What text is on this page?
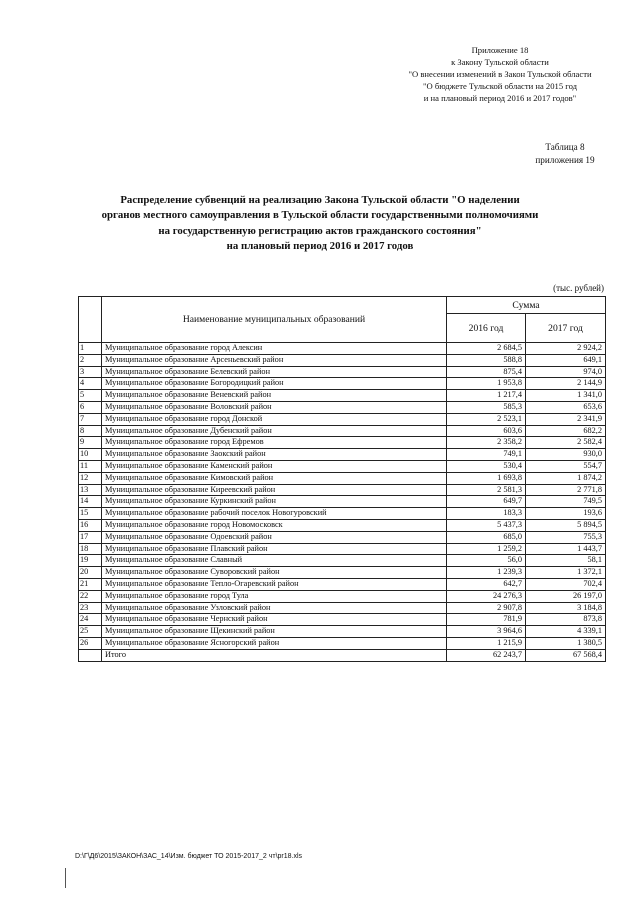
Приложение 18
к Закону Тульской области
"О внесении изменений в Закон Тульской области
"О бюджете Тульской области на 2015 год
и на плановый период 2016 и 2017 годов"
Таблица 8
приложения 19
Распределение субвенций на реализацию Закона Тульской области "О наделении
органов местного самоуправления в Тульской области государственными полномочиями
на государственную регистрацию актов гражданского состояния"
на плановый период 2016 и 2017 годов
(тыс. рублей)
	Наименование муниципальных образований	Сумма	
		2016 год	2017 год
1	Муниципальное образование город Алексин	2 684,5	2 924,2
2	Муниципальное образование Арсеньевский район	588,8	649,1
3	Муниципальное образование Белевский район	875,4	974,0
4	Муниципальное образование Богородицкий район	1 953,8	2 144,9
5	Муниципальное образование Веневский район	1 217,4	1 341,0
6	Муниципальное образование Воловский район	585,3	653,6
7	Муниципальное образование город Донской	2 523,1	2 341,9
8	Муниципальное образование Дубенский район	603,6	682,2
9	Муниципальное образование город Ефремов	2 358,2	2 582,4
10	Муниципальное образование Заокский район	749,1	930,0
11	Муниципальное образование Каменский район	530,4	554,7
12	Муниципальное образование Кимовский район	1 693,8	1 874,2
13	Муниципальное образование Киреевский район	2 581,3	2 771,8
14	Муниципальное образование Куркинский район	649,7	749,5
15	Муниципальное образование рабочий поселок Новогуровский	183,3	193,6
16	Муниципальное образование город Новомосковск	5 437,3	5 894,5
17	Муниципальное образование Одоевский район	685,0	755,3
18	Муниципальное образование Плавский район	1 259,2	1 443,7
19	Муниципальное образование Славный	56,0	58,1
20	Муниципальное образование Суворовский район	1 239,3	1 372,1
21	Муниципальное образование Тепло-Огаревский район	642,7	702,4
22	Муниципальное образование город Тула	24 276,3	26 197,0
23	Муниципальное образование Узловский район	2 907,8	3 184,8
24	Муниципальное образование Чернский район	781,9	873,8
25	Муниципальное образование Щекинский район	3 964,6	4 339,1
26	Муниципальное образование Ясногорский район	1 215,9	1 380,5
	Итого	62 243,7	67 568,4
D:\Г\Д6\2015\ЗАКОН\ЗАС_14\Изм. бюджет ТО 2015-2017_2 чт\pr18.xls
